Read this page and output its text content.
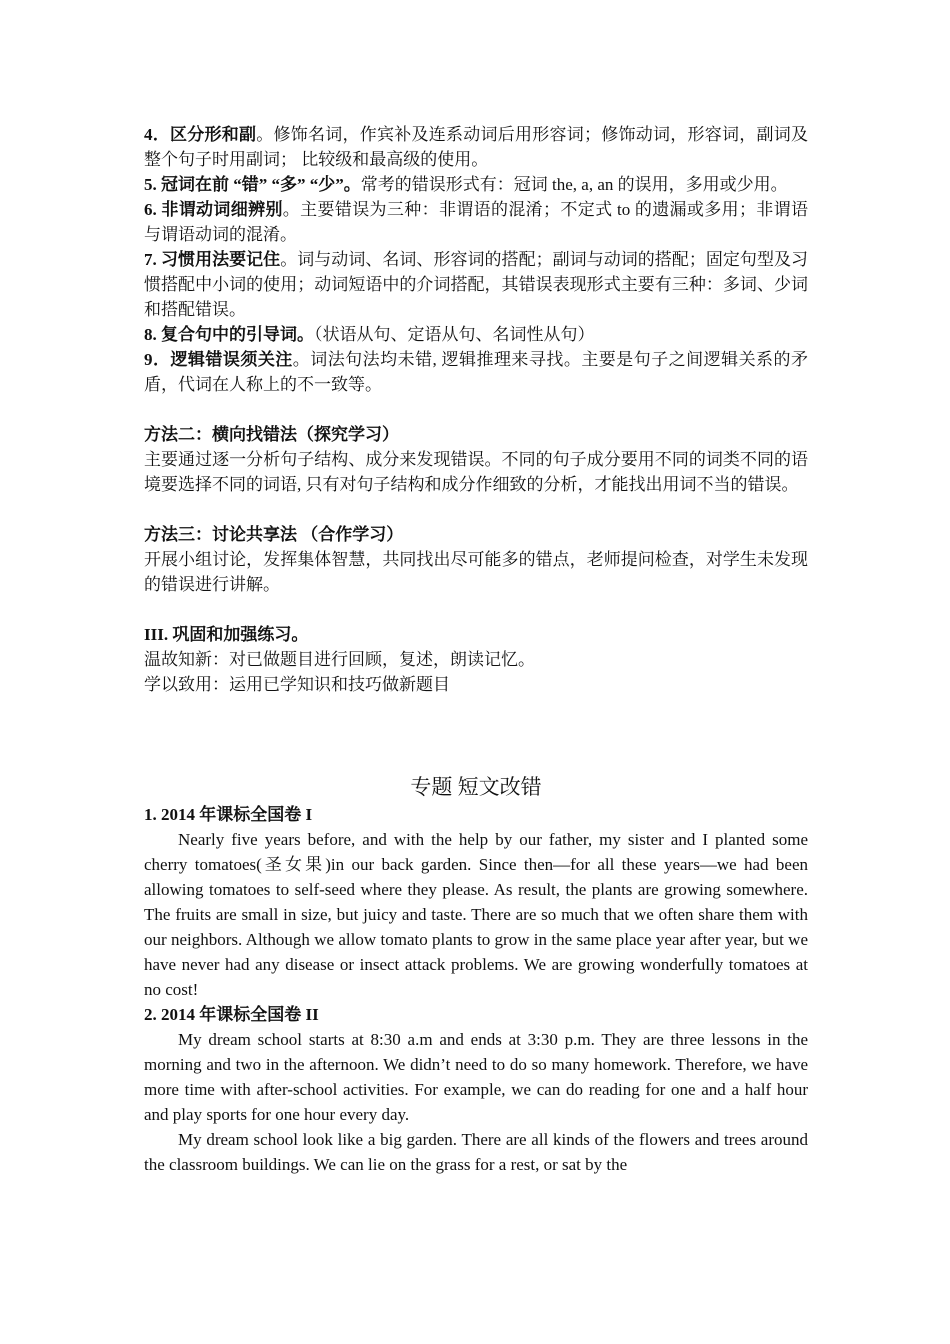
4．区分形和副。修饰名词，作宾补及连系动词后用形容词；修饰动词，形容词，副词及整个句子时用副词； 比较级和最高级的使用。

5. 冠词在前 “错” “多” “少”。常考的错误形式有：冠词 the, a, an 的误用，多用或少用。

6. 非谓动词细辨别。主要错误为三种：非谓语的混淆；不定式 to 的遗漏或多用；非谓语与谓语动词的混淆。

7. 习惯用法要记住。词与动词、名词、形容词的搭配；副词与动词的搭配；固定句型及习惯搭配中小词的使用；动词短语中的介词搭配，其错误表现形式主要有三种：多词、少词和搭配错误。

8. 复合句中的引导词。（状语从句、定语从句、名词性从句）

9．逻辑错误须关注。词法句法均未错, 逻辑推理来寻找。主要是句子之间逻辑关系的矛盾，代词在人称上的不一致等。

方法二：横向找错法（探究学习）

主要通过逐一分析句子结构、成分来发现错误。不同的句子成分要用不同的词类不同的语境要选择不同的词语, 只有对句子结构和成分作细致的分析，才能找出用词不当的错误。

方法三：讨论共享法 （合作学习）

开展小组讨论，发挥集体智慧，共同找出尽可能多的错点，老师提问检查，对学生未发现的错误进行讲解。

III. 巩固和加强练习。

温故知新：对已做题目进行回顾，复述，朗读记忆。

学以致用：运用已学知识和技巧做新题目

专题 短文改错

1. 2014 年课标全国卷 I

Nearly five years before, and with the help by our father, my sister and I planted some cherry tomatoes(圣女果)in our back garden. Since then—for all these years—we had been allowing tomatoes to self-seed where they please. As result, the plants are growing somewhere. The fruits are small in size, but juicy and taste. There are so much that we often share them with our neighbors. Although we allow tomato plants to grow in the same place year after year, but we have never had any disease or insect attack problems. We are growing wonderfully tomatoes at no cost!

2. 2014 年课标全国卷 II

My dream school starts at 8:30 a.m and ends at 3:30 p.m. They are three lessons in the morning and two in the afternoon. We didn’t need to do so many homework. Therefore, we have more time with after-school activities. For example, we can do reading for one and a half hour and play sports for one hour every day.

My dream school look like a big garden. There are all kinds of the flowers and trees around the classroom buildings. We can lie on the grass for a rest, or sat by the
